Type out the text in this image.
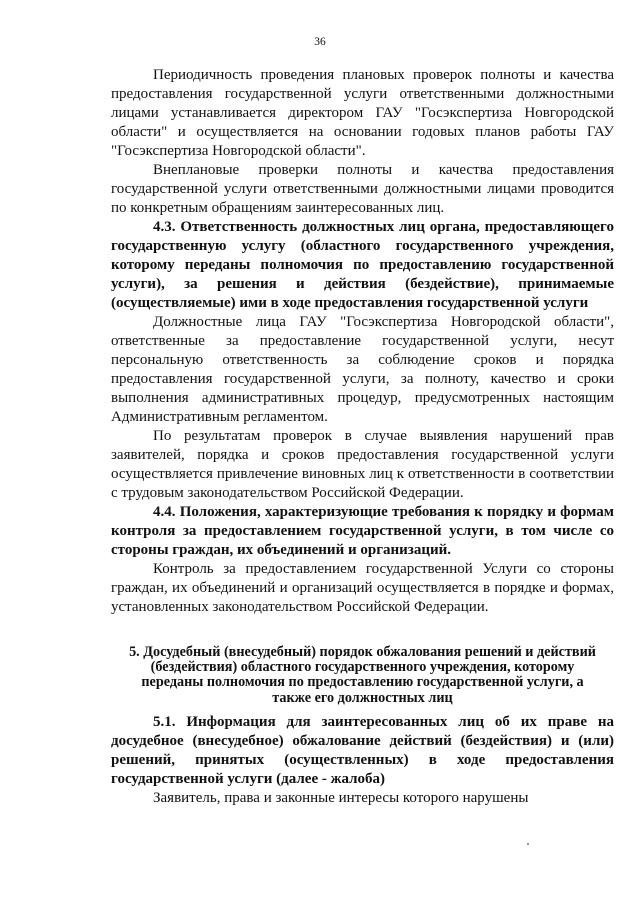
36

Периодичность проведения плановых проверок полноты и качества предоставления государственной услуги ответственными должностными лицами устанавливается директором ГАУ "Госэкспертиза Новгородской области" и осуществляется на основании годовых планов работы ГАУ "Госэкспертиза Новгородской области".

Внеплановые проверки полноты и качества предоставления государственной услуги ответственными должностными лицами проводится по конкретным обращениям заинтересованных лиц.

4.3. Ответственность должностных лиц органа, предоставляющего государственную услугу (областного государственного учреждения, которому переданы полномочия по предоставлению государственной услуги), за решения и действия (бездействие), принимаемые (осуществляемые) ими в ходе предоставления государственной услуги

Должностные лица ГАУ "Госэкспертиза Новгородской области", ответственные за предоставление государственной услуги, несут персональную ответственность за соблюдение сроков и порядка предоставления государственной услуги, за полноту, качество и сроки выполнения административных процедур, предусмотренных настоящим Административным регламентом.

По результатам проверок в случае выявления нарушений прав заявителей, порядка и сроков предоставления государственной услуги осуществляется привлечение виновных лиц к ответственности в соответствии с трудовым законодательством Российской Федерации.

4.4. Положения, характеризующие требования к порядку и формам контроля за предоставлением государственной услуги, в том числе со стороны граждан, их объединений и организаций.

Контроль за предоставлением государственной Услуги со стороны граждан, их объединений и организаций осуществляется в порядке и формах, установленных законодательством Российской Федерации.

5. Досудебный (внесудебный) порядок обжалования решений и действий (бездействия) областного государственного учреждения, которому переданы полномочия по предоставлению государственной услуги, а также его должностных лиц

5.1. Информация для заинтересованных лиц об их праве на досудебное (внесудебное) обжалование действий (бездействия) и (или) решений, принятых (осуществленных) в ходе предоставления государственной услуги (далее - жалоба)

Заявитель, права и законные интересы которого нарушены
